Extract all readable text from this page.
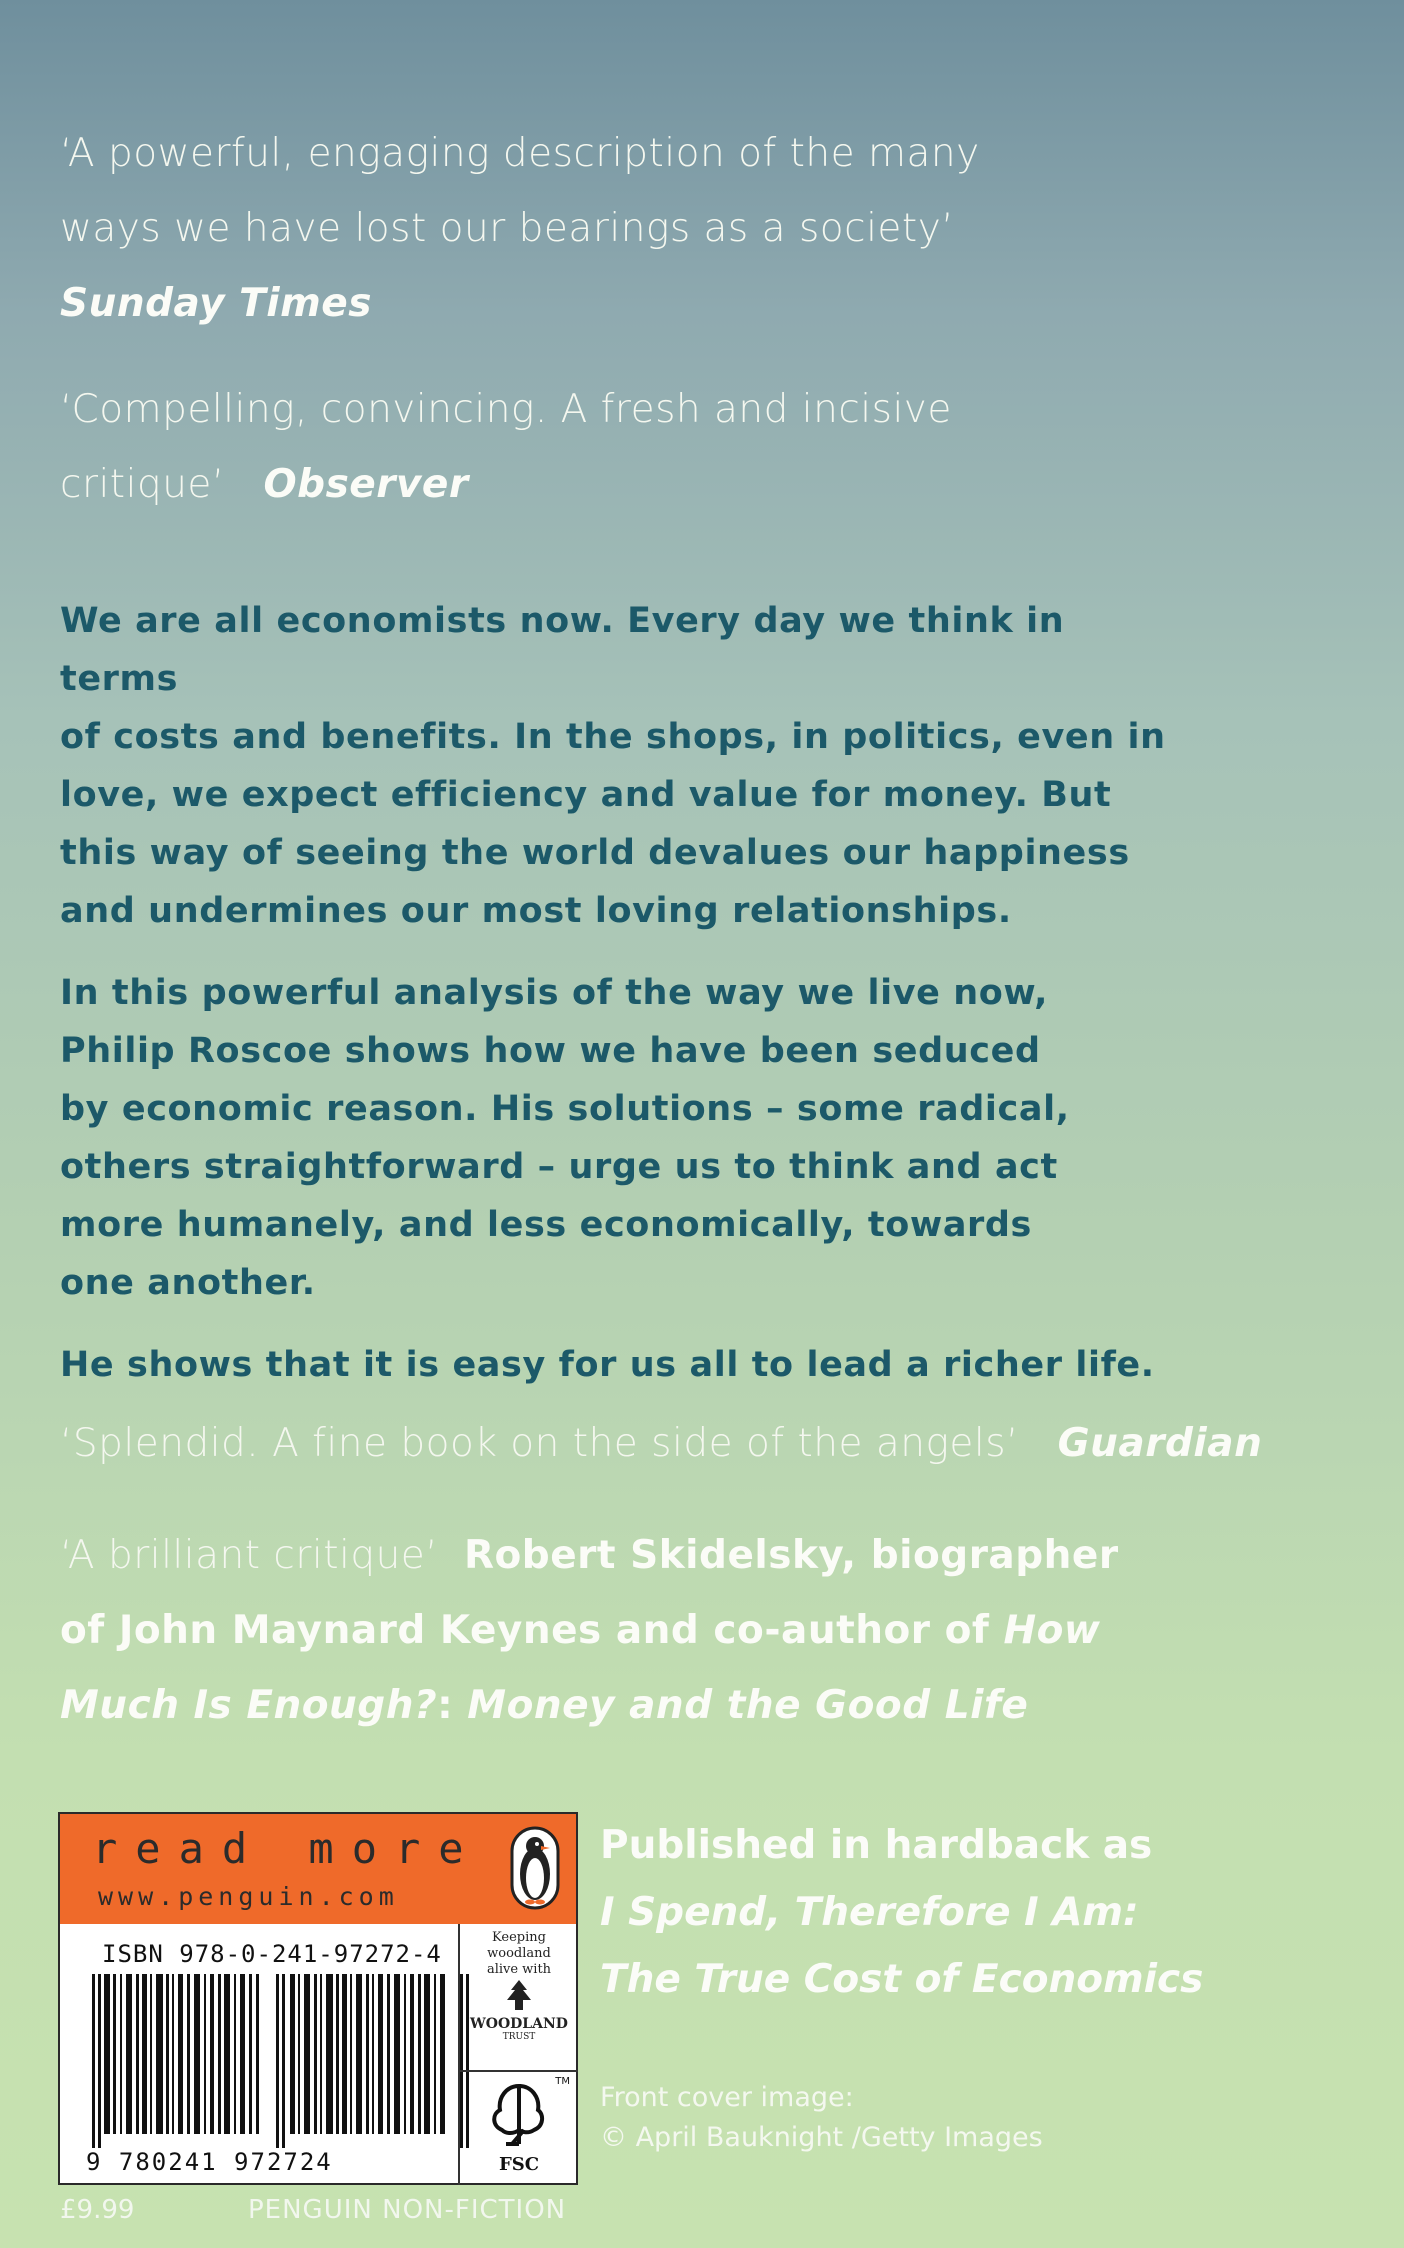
‘A powerful, engaging description of the many
ways we have lost our bearings as a society’
Sunday Times
‘Compelling, convincing. A fresh and incisive
critique’ Observer

We are all economists now. Every day we think in terms
of costs and benefits. In the shops, in politics, even in
love, we expect efficiency and value for money. But
this way of seeing the world devalues our happiness
and undermines our most loving relationships.

In this powerful analysis of the way we live now,
Philip Roscoe shows how we have been seduced
by economic reason. His solutions – some radical,
others straightforward – urge us to think and act
more humanely, and less economically, towards
one another.

He shows that it is easy for us all to lead a richer life.

‘Splendid. A fine book on the side of the angels’ Guardian
‘A brilliant critique’ Robert Skidelsky, biographer
of John Maynard Keynes and co-author of How
Much Is Enough?: Money and the Good Life
read more
www.penguin.com
ISBN 978-0-241-97272-4
9 780241 972724
Keeping
woodland
alive with
WOODLAND
TRUST
FSC
TM
Published in hardback as
I Spend, Therefore I Am:
The True Cost of Economics
Front cover image:
© April Bauknight /Getty Images
£9.99	PENGUIN NON-FICTION
